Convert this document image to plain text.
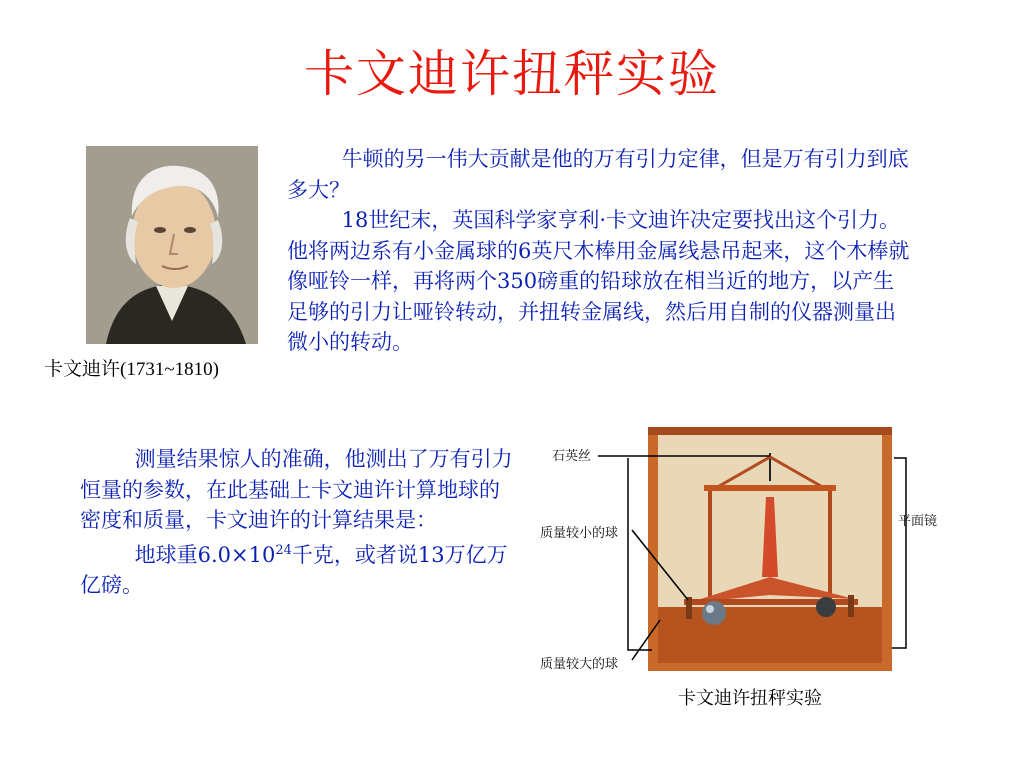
卡文迪许扭秤实验
卡文迪许(1731~1810)

牛顿的另一伟大贡献是他的万有引力定律，但是万有引力到底多大？

18世纪末，英国科学家亨利·卡文迪许决定要找出这个引力。他将两边系有小金属球的6英尺木棒用金属线悬吊起来，这个木棒就像哑铃一样，再将两个350磅重的铅球放在相当近的地方，以产生足够的引力让哑铃转动，并扭转金属线，然后用自制的仪器测量出微小的转动。

测量结果惊人的准确，他测出了万有引力恒量的参数，在此基础上卡文迪许计算地球的密度和质量，卡文迪许的计算结果是：

地球重$6.0\times 10^{24}$千克，或者说13万亿万亿磅。

石英丝
平面镜
质量较小的球
质量较大的球
卡文迪许扭秤实验
